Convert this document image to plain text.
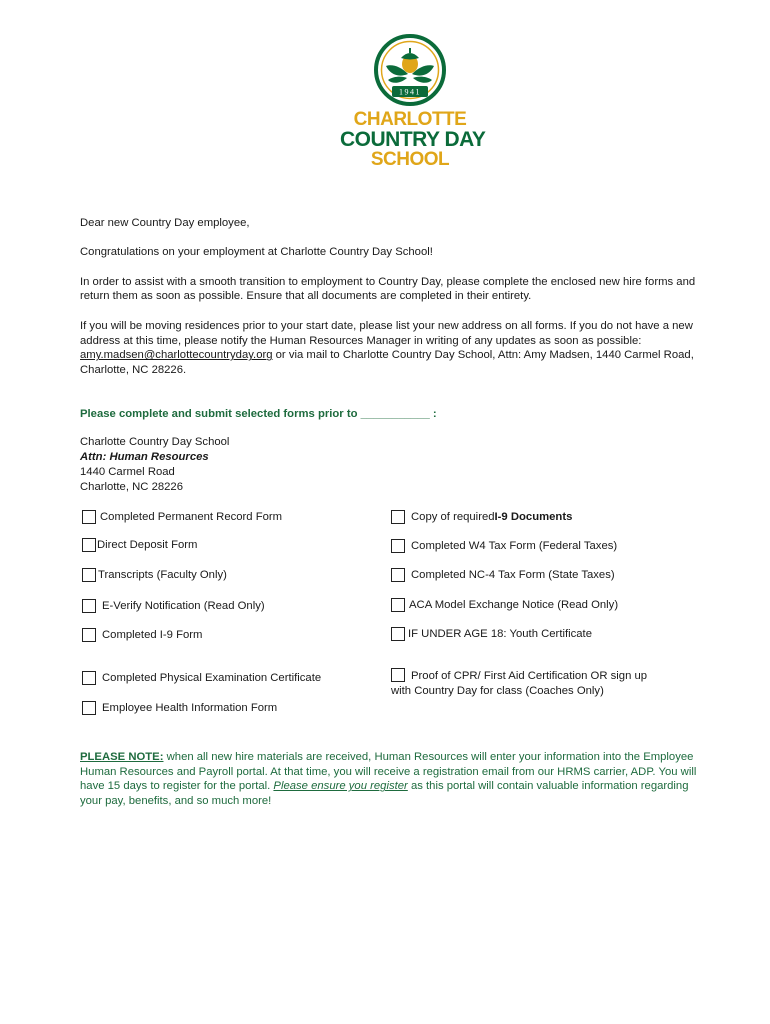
1941
CHARLOTTE
COUNTRY DAY
SCHOOL

Dear new Country Day employee,

Congratulations on your employment at Charlotte Country Day School!

In order to assist with a smooth transition to employment to Country Day, please complete the enclosed new hire forms and return them as soon as possible. Ensure that all documents are completed in their entirety.

If you will be moving residences prior to your start date, please list your new address on all forms. If you do not have a new address at this time, please notify the Human Resources Manager in writing of any updates as soon as possible: amy.madsen@charlottecountryday.org or via mail to Charlotte Country Day School, Attn: Amy Madsen, 1440 Carmel Road, Charlotte, NC 28226.

Please complete and submit selected forms prior to ___________ :

Charlotte Country Day School

Attn: Human Resources

1440 Carmel Road

Charlotte, NC 28226

Completed Permanent Record Form
Direct Deposit Form
Transcripts (Faculty Only)
E-Verify Notification (Read Only)
Completed I-9 Form
Completed Physical Examination Certificate
Employee Health Information Form
Copy of required I-9 Documents
Completed W4 Tax Form (Federal Taxes)
Completed NC-4 Tax Form (State Taxes)
ACA Model Exchange Notice (Read Only)
IF UNDER AGE 18: Youth Certificate
Proof of CPR/ First Aid Certification OR sign up with Country Day for class (Coaches Only)
PLEASE NOTE: when all new hire materials are received, Human Resources will enter your information into the Employee Human Resources and Payroll portal. At that time, you will receive a registration email from our HRMS carrier, ADP. You will have 15 days to register for the portal. Please ensure you register as this portal will contain valuable information regarding your pay, benefits, and so much more!
